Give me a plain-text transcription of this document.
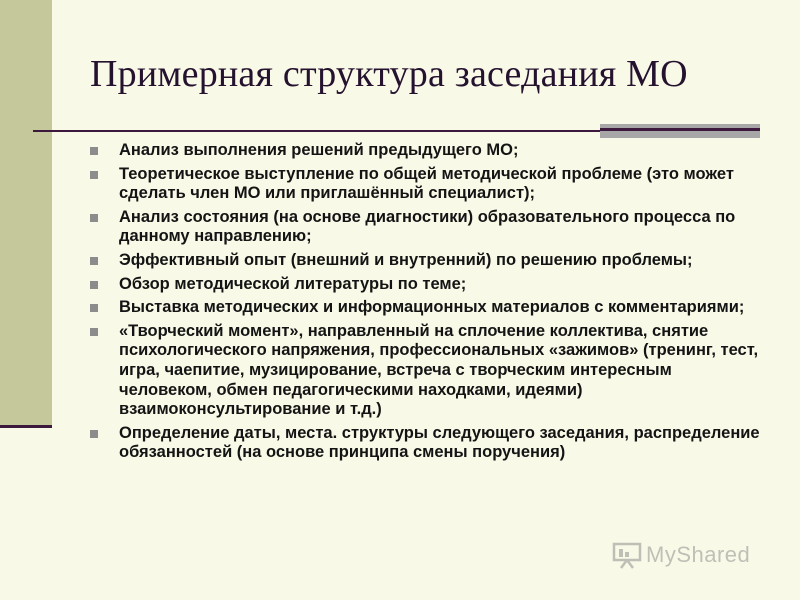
Примерная структура заседания МО
Анализ выполнения решений предыдущего МО;
Теоретическое выступление по общей методической проблеме (это может сделать член МО или приглашённый специалист);
Анализ состояния (на основе диагностики) образовательного процесса по данному направлению;
Эффективный опыт (внешний и внутренний) по решению проблемы;
Обзор методической литературы по теме;
Выставка методических и информационных материалов с комментариями;
«Творческий момент», направленный на сплочение коллектива, снятие психологического напряжения, профессиональных «зажимов» (тренинг, тест, игра, чаепитие, музицирование, встреча с творческим интересным человеком, обмен педагогическими находками, идеями) взаимоконсультирование и т.д.)
Определение даты, места. структуры следующего заседания, распределение обязанностей (на основе принципа смены поручения)
MyShared
